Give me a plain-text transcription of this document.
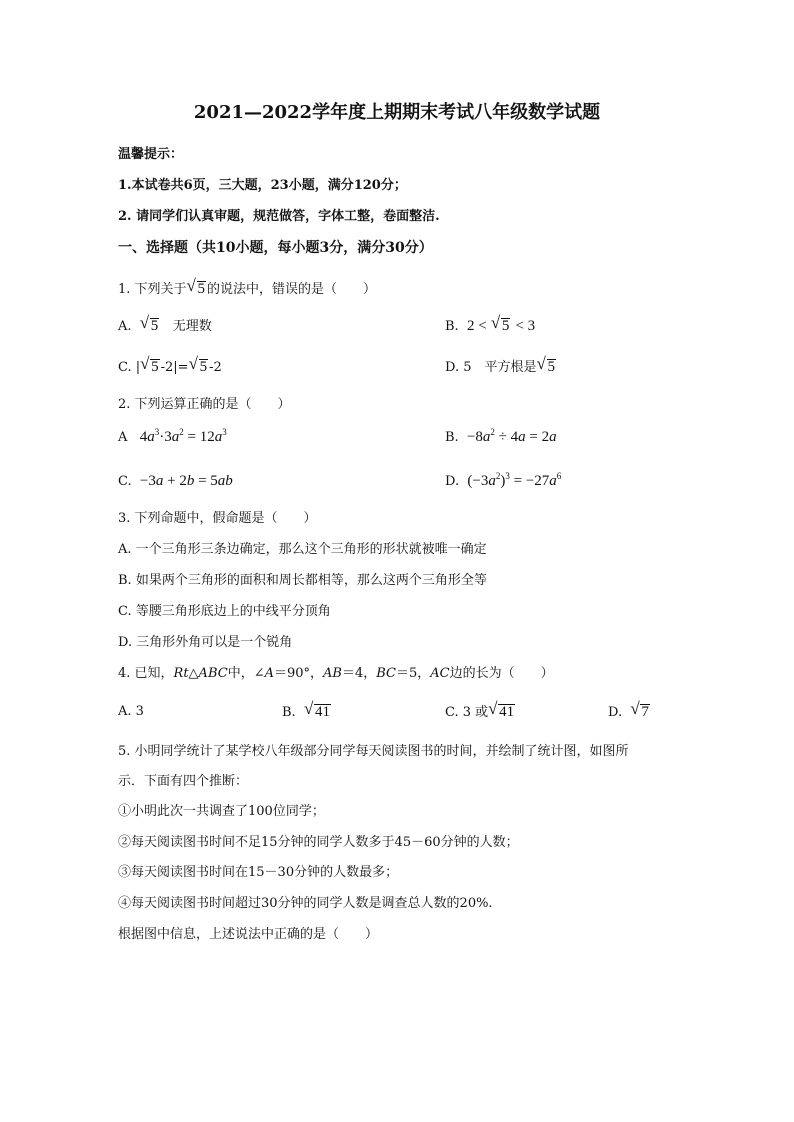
2021—2022学年度上期期末考试八年级数学试题
温馨提示：
1.本试卷共6页，三大题，23小题，满分120分；
2. 请同学们认真审题，规范做答，字体工整，卷面整洁.
一、选择题（共10小题，每小题3分，满分30分）
1. 下列关于 √ 5 的说法中，错误的是（　　）
A. √ 5 无理数	B. 2 < √ 5 < 3
C. | √ 5 -2|= √ 5 -2	D. 5　平方根是 √ 5
2. 下列运算正确的是（　　）
A $4a^3\cdot 3a^2 = 12a^3$	B. $-8a^2 \div 4a = 2a$
C. −3a + 2b = 5ab	D. $(-3a^2)^3 = -27a^6$
3. 下列命题中，假命题是（　　）
A. 一个三角形三条边确定，那么这个三角形的形状就被唯一确定
B. 如果两个三角形的面积和周长都相等，那么这两个三角形全等
C. 等腰三角形底边上的中线平分顶角
D. 三角形外角可以是一个锐角
4. 已知，Rt△ABC中，∠A＝90°，AB＝4，BC＝5，AC边的长为（　　）
A. 3	B. √ 41	C. 3 或 √ 41	D. √ 7
5. 小明同学统计了某学校八年级部分同学每天阅读图书的时间，并绘制了统计图，如图所
示．下面有四个推断：
①小明此次一共调查了100位同学；
②每天阅读图书时间不足15分钟的同学人数多于45－60分钟的人数；
③每天阅读图书时间在15－30分钟的人数最多；
④每天阅读图书时间超过30分钟的同学人数是调查总人数的20%.
根据图中信息，上述说法中正确的是（　　）
